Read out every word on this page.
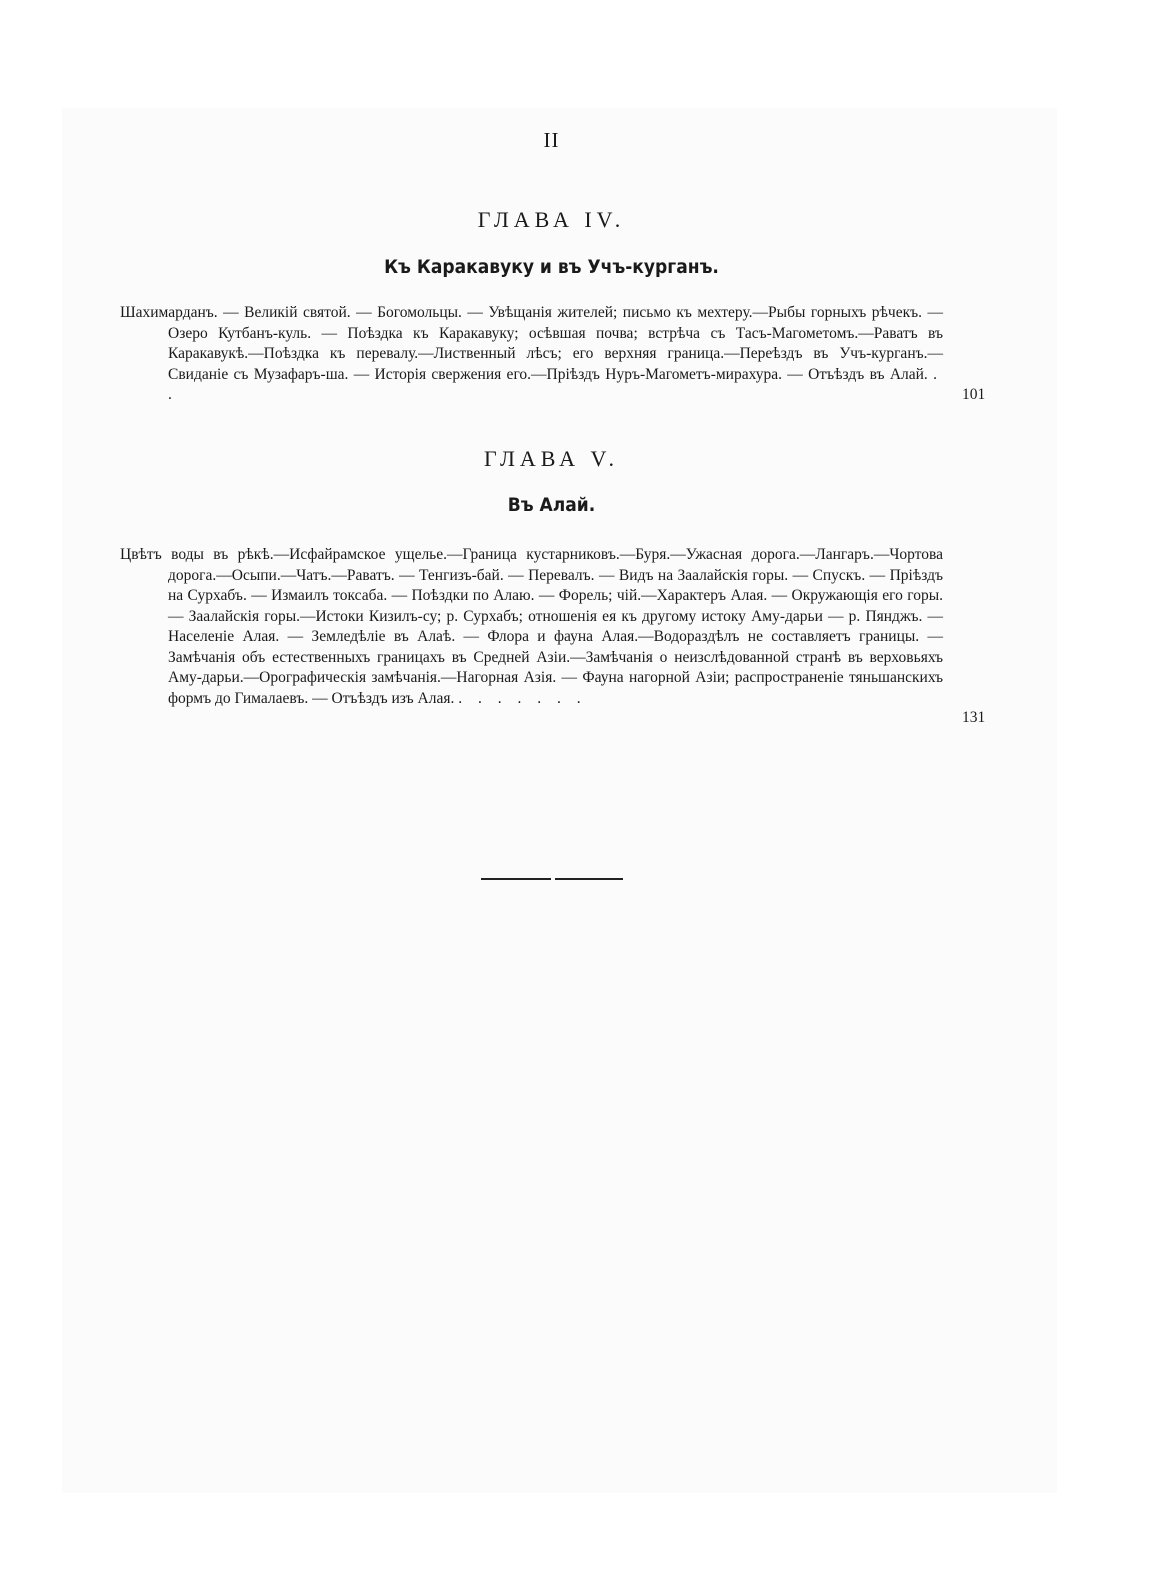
II
ГЛАВА IV.
Къ Каракавуку и въ Учъ-курганъ.
Шахимарданъ. — Великій святой. — Богомольцы. — Увѣщанія жителей; письмо къ мехтеру.—Рыбы горныхъ рѣчекъ. — Озеро Кутбанъ-куль. — Поѣздка къ Каракавуку; осѣвшая почва; встрѣча съ Тасъ-Магометомъ.—Раватъ въ Каракавукѣ.—Поѣздка къ перевалу.—Лиственный лѣсъ; его верхняя граница.—Переѣздъ въ Учъ-курганъ.—Свиданіе съ Музафаръ-ша. — Исторія свержения его.—Пріѣздъ Нуръ-Магометъ-мирахура. — Отъѣздъ въ Алай. . .	101
ГЛАВА V.
Въ Алай.
Цвѣтъ воды въ рѣкѣ.—Исфайрамское ущелье.—Граница кустарниковъ.—Буря.—Ужасная дорога.—Лангаръ.—Чортова дорога.—Осыпи.—Чатъ.—Раватъ. — Тенгизъ-бай. — Перевалъ. — Видъ на Заалайскія горы. — Спускъ. — Пріѣздъ на Сурхабъ. — Измаилъ токсаба. — Поѣздки по Алаю. — Форель; чій.—Характеръ Алая. — Окружающія его горы. — Заалайскія горы.—Истоки Кизилъ-су; р. Сурхабъ; отношенія ея къ другому истоку Аму-дарьи — р. Пянджъ. — Населеніе Алая. — Земледѣліе въ Алаѣ. — Флора и фауна Алая.—Водораздѣлъ не составляетъ границы. — Замѣчанія объ естественныхъ границахъ въ Средней Азіи.—Замѣчанія о неизслѣдованной странѣ въ верховьяхъ Аму-дарьи.—Орографическія замѣчанія.—Нагорная Азія. — Фауна нагорной Азіи; распространеніе тяньшанскихъ формъ до Гималаевъ. — Отъѣздъ изъ Алая. . . . . . . .
131
